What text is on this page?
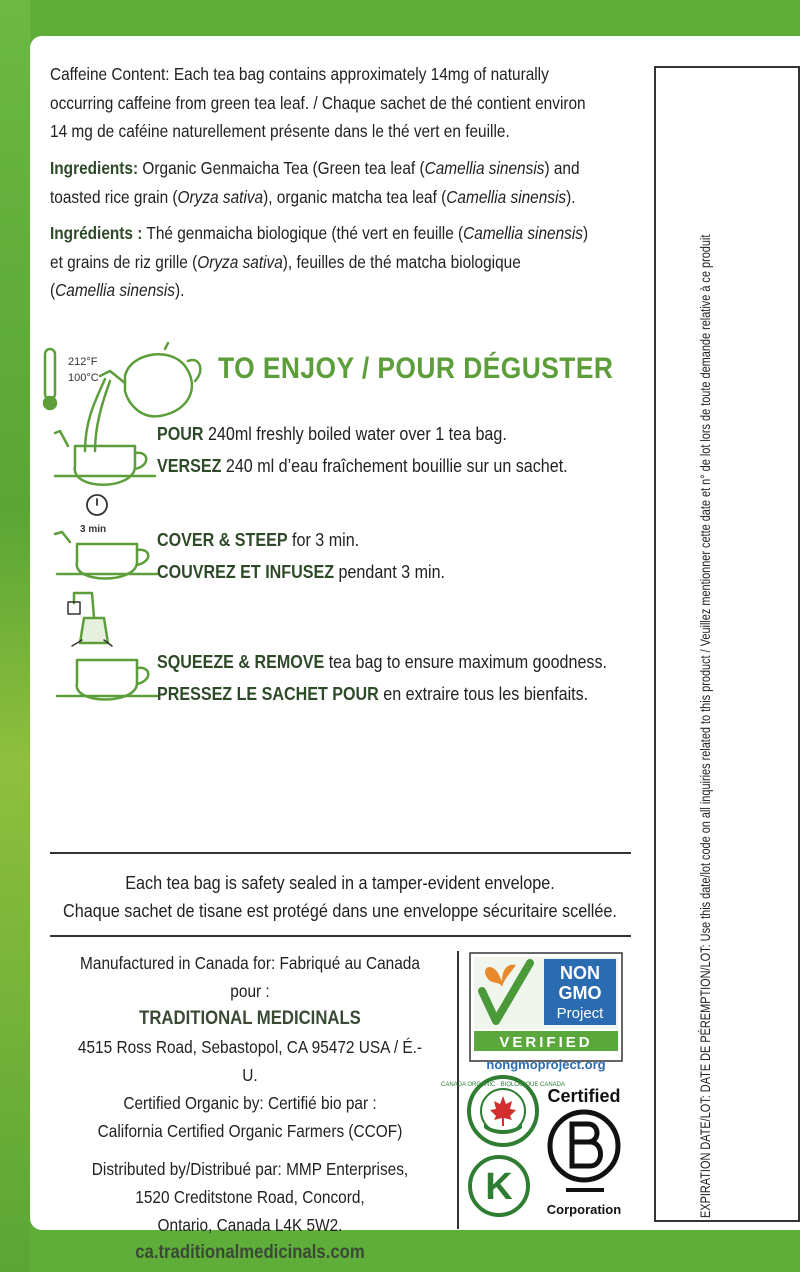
Caffeine Content: Each tea bag contains approximately 14mg of naturally
occurring caffeine from green tea leaf. / Chaque sachet de thé contient environ
14 mg de caféine naturellement présente dans le thé vert en feuille.
Ingredients: Organic Genmaicha Tea (Green tea leaf (Camellia sinensis) and
toasted rice grain (Oryza sativa), organic matcha tea leaf (Camellia sinensis).
Ingrédients : Thé genmaicha biologique (thé vert en feuille (Camellia sinensis)
et grains de riz grille (Oryza sativa), feuilles de thé matcha biologique
(Camellia sinensis).
TO ENJOY / POUR DÉGUSTER
212°F
100°C
POUR 240ml freshly boiled water over 1 tea bag.
VERSEZ 240 ml d’eau fraîchement bouillie sur un sachet.
3 min	COVER & STEEP for 3 min.
COUVREZ ET INFUSEZ pendant 3 min.
SQUEEZE & REMOVE tea bag to ensure maximum goodness.
PRESSEZ LE SACHET POUR en extraire tous les bienfaits.
Each tea bag is safety sealed in a tamper-evident envelope.
Chaque sachet de tisane est protégé dans une enveloppe sécuritaire scellée.
Manufactured in Canada for: Fabriqué au Canada pour :
TRADITIONAL MEDICINALS
4515 Ross Road, Sebastopol, CA 95472 USA / É.-U.
Certified Organic by: Certifié bio par :
California Certified Organic Farmers (CCOF)
Distributed by/Distribué par: MMP Enterprises,
1520 Creditstone Road, Concord,
Ontario, Canada L4K 5W2.
ca.traditionalmedicinals.com
NON
GMO
Project
VERIFIED
nongmoproject.org
CANADA ORGANIC · BIOLOGIQUE CANADA
K
Certified
Corporation	EXPIRATION DATE/LOT: DATE DE PÉREMPTION/LOT: Use this date/lot code on all inquiries related to this product / Veuillez mentionner cette date et n° de lot lors de toute demande relative à ce produit
